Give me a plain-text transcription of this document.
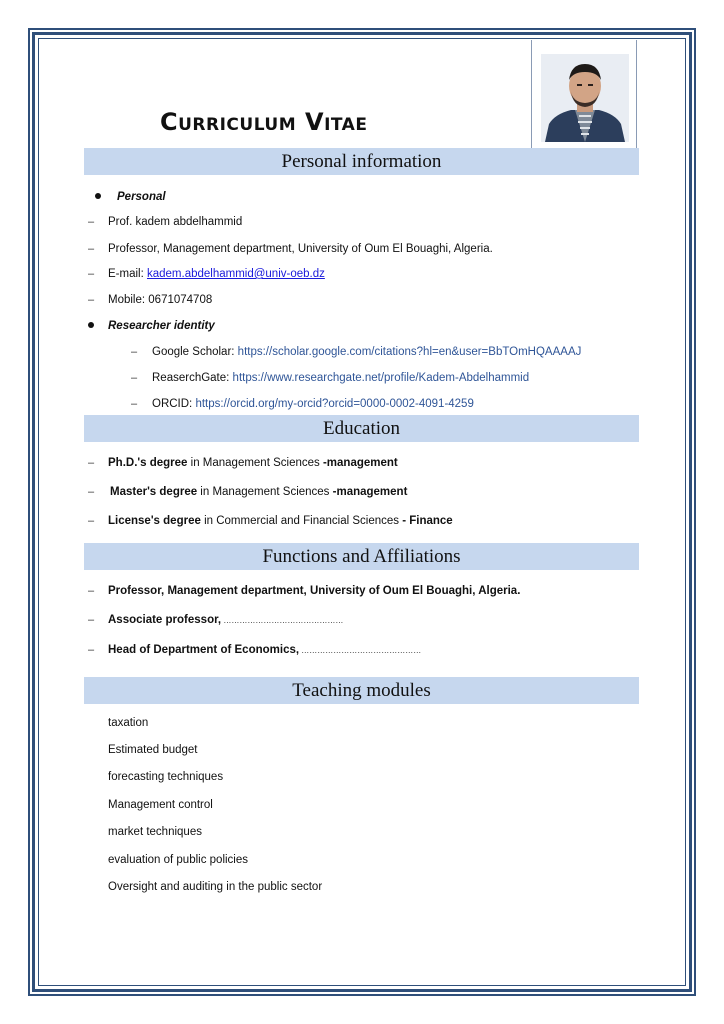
Curriculum Vitae
Personal information
Personal
– Prof. kadem abdelhammid
– Professor, Management department, University of Oum El Bouaghi, Algeria.
– E-mail: kadem.abdelhammid@univ-oeb.dz
– Mobile: 0671074708
Researcher identity
– Google Scholar: https://scholar.google.com/citations?hl=en&user=BbTOmHQAAAAJ
– ReaserchGate: https://www.researchgate.net/profile/Kadem-Abdelhammid
– ORCID: https://orcid.org/my-orcid?orcid=0000-0002-4091-4259
Education
– Ph.D.'s degree in Management Sciences -management
– Master's degree in Management Sciences -management
– License's degree in Commercial and Financial Sciences - Finance
Functions and Affiliations
– Professor, Management department, University of Oum El Bouaghi, Algeria.
– Associate professor, ………………………………………
– Head of Department of Economics, ………………………………………
Teaching modules
taxation
Estimated budget
forecasting techniques
Management control
market techniques
evaluation of public policies
Oversight and auditing in the public sector
